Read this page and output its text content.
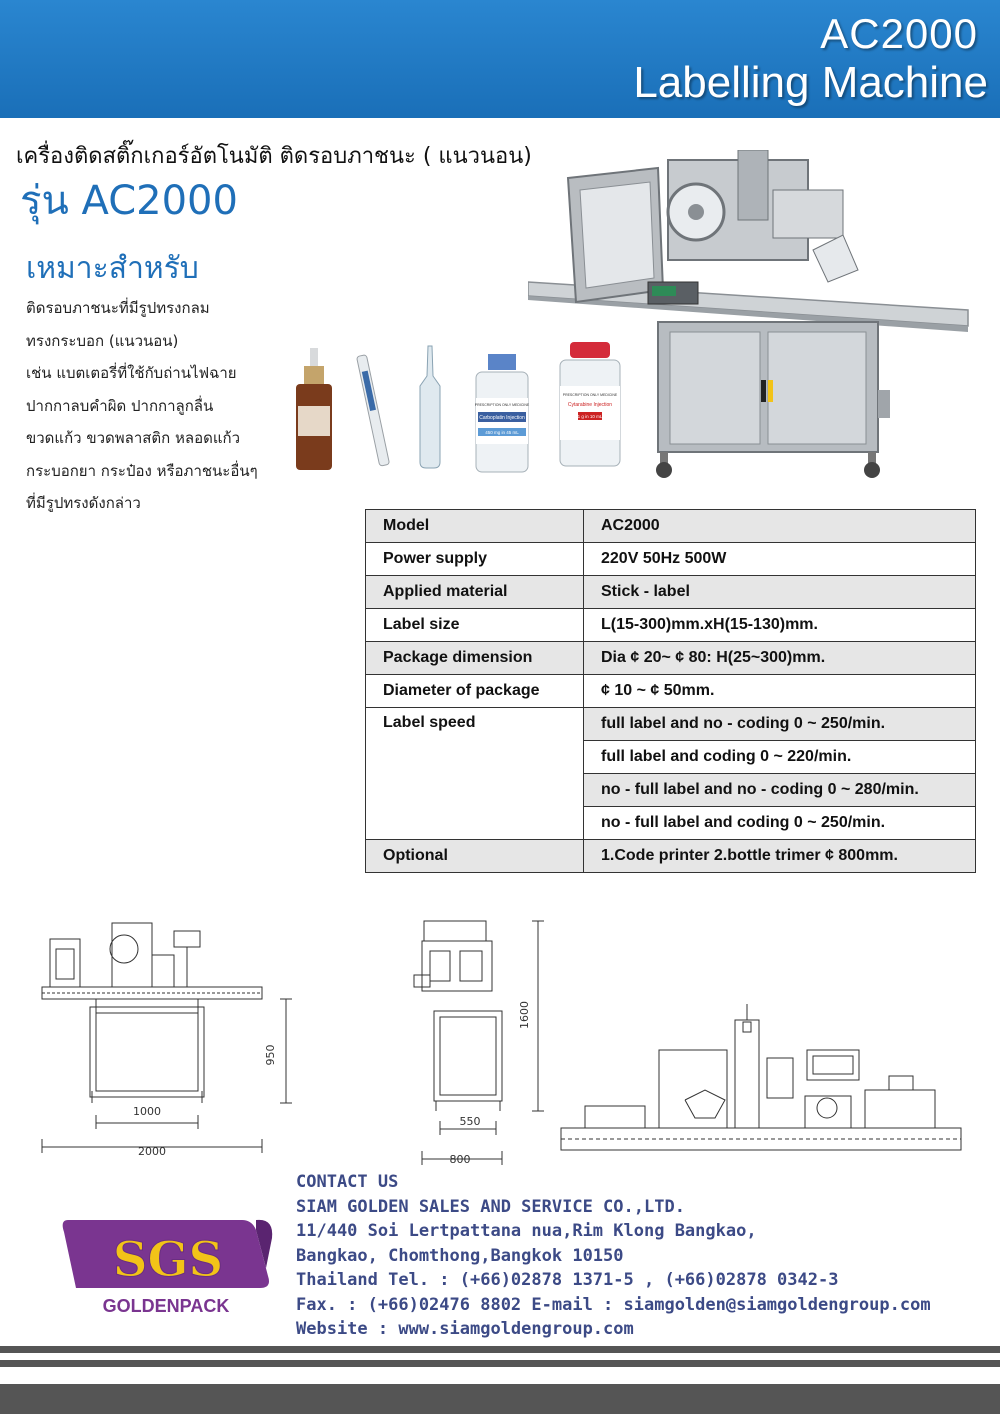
AC2000
Labelling Machine
เครื่องติดสติ๊กเกอร์อัตโนมัติ ติดรอบภาชนะ ( แนวนอน)
รุ่น AC2000
เหมาะสำหรับ
ติดรอบภาชนะที่มีรูปทรงกลม
ทรงกระบอก (แนวนอน)
เช่น แบตเตอรี่ที่ใช้กับถ่านไฟฉาย
ปากกาลบคำผิด ปากกาลูกลื่น
ขวดแก้ว ขวดพลาสติก หลอดแก้ว
กระบอกยา กระป๋อง หรือภาชนะอื่นๆ
ที่มีรูปทรงดังกล่าว
PRESCRIPTION ONLY MEDICINE
Carboplatin Injection
450 mg in 45 mL
PRESCRIPTION ONLY MEDICINE
Cytarabine Injection
1 g in 10 mL
Model	AC2000
Power supply	220V 50Hz 500W
Applied material	Stick - label
Label size	L(15-300)mm.xH(15-130)mm.
Package dimension	Dia ¢ 20~ ¢ 80: H(25~300)mm.
Diameter of package	¢ 10 ~ ¢ 50mm.
Label speed	full label and no - coding 0 ~ 250/min.
	full label and coding 0 ~ 220/min.
	no - full label and no - coding 0 ~ 280/min.
	no - full label and coding 0 ~ 250/min.
Optional	1.Code printer 2.bottle trimer ¢ 800mm.
950
1000
2000
1600
550
800
CONTACT US
SIAM GOLDEN SALES AND SERVICE CO.,LTD.
11/440 Soi Lertpattana nua,Rim Klong Bangkao,
Bangkao, Chomthong,Bangkok 10150
Thailand Tel. : (+66)02878 1371-5 , (+66)02878 0342-3
Fax. : (+66)02476 8802 E-mail : siamgolden@siamgoldengroup.com
Website : www.siamgoldengroup.com
SGS
GOLDENPACK
